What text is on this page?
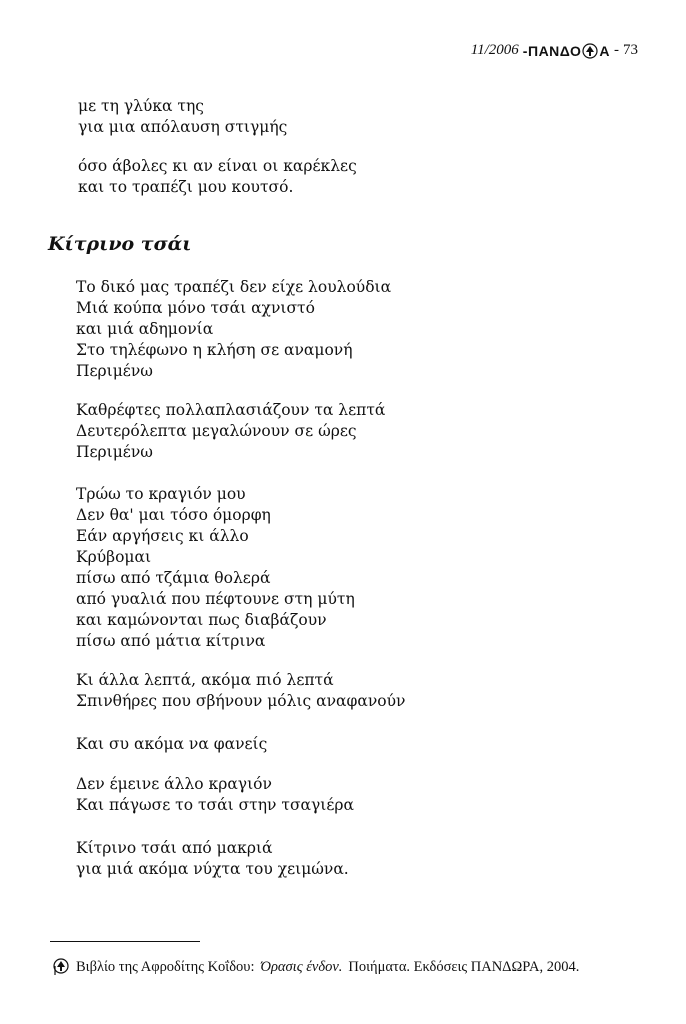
11/2006 - ΠΑΝΔΟ Α - 73
με τη γλύκα της
για μια απόλαυση στιγμής
όσο άβολες κι αν είναι οι καρέκλες
και το τραπέζι μου κουτσό.
Κίτρινο τσάι
Το δικό μας τραπέζι δεν είχε λουλούδια
Μιά κούπα μόνο τσάι αχνιστό
και μιά αδημονία
Στο τηλέφωνο η κλήση σε αναμονή
Περιμένω
Καθρέφτες πολλαπλασιάζουν τα λεπτά
Δευτερόλεπτα μεγαλώνουν σε ώρες
Περιμένω
Τρώω το κραγιόν μου
Δεν θα' μαι τόσο όμορφη
Εάν αργήσεις κι άλλο
Κρύβομαι
πίσω από τζάμια θολερά
από γυαλιά που πέφτουνε στη μύτη
και καμώνονται πως διαβάζουν
πίσω από μάτια κίτρινα
Κι άλλα λεπτά, ακόμα πιό λεπτά
Σπινθήρες που σβήνουν μόλις αναφανούν
Και συ ακόμα να φανείς
Δεν έμεινε άλλο κραγιόν
Και πάγωσε το τσάι στην τσαγιέρα
Κίτρινο τσάι από μακριά
για μιά ακόμα νύχτα του χειμώνα.
Βιβλίο της Αφροδίτης Κοΐδου: Όρασις ένδον. Ποιήματα. Εκδόσεις ΠΑΝΔΩΡΑ, 2004.
